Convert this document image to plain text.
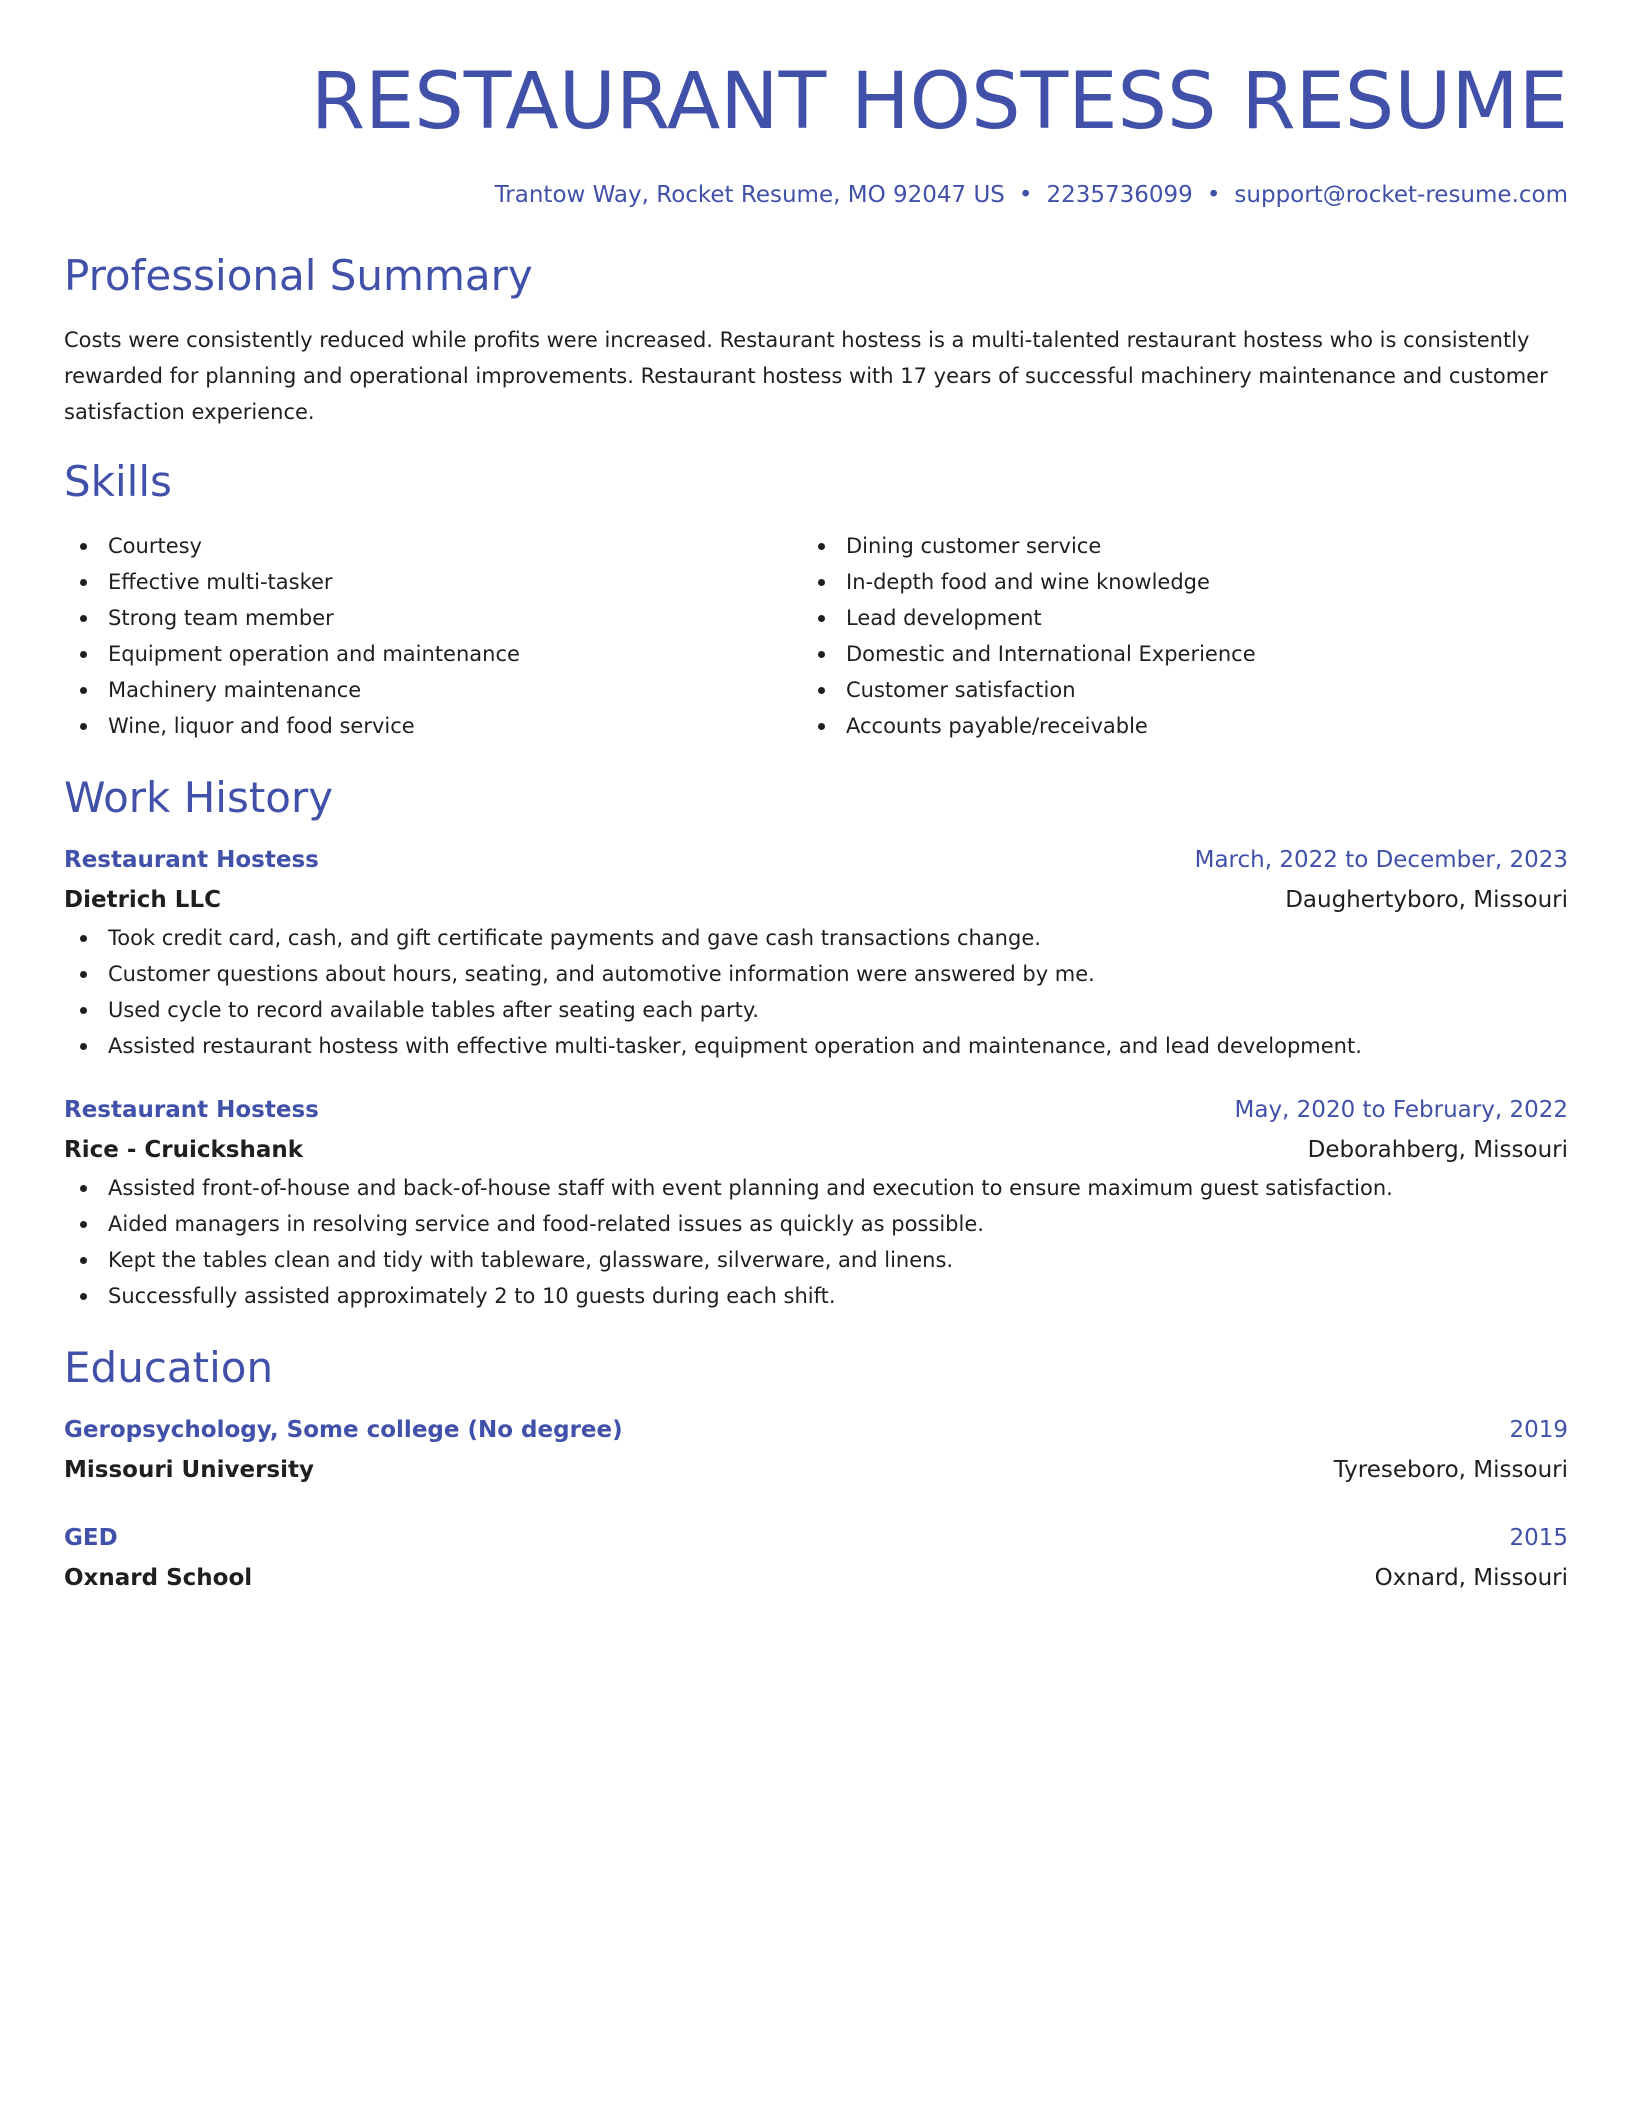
RESTAURANT HOSTESS RESUME
Trantow Way, Rocket Resume, MO 92047 US • 2235736099 • support@rocket-resume.com
Professional Summary

Costs were consistently reduced while profits were increased. Restaurant hostess is a multi-talented restaurant hostess who is consistently rewarded for planning and operational improvements. Restaurant hostess with 17 years of successful machinery maintenance and customer satisfaction experience.

Skills
Courtesy
Effective multi-tasker
Strong team member
Equipment operation and maintenance
Machinery maintenance
Wine, liquor and food service
Dining customer service
In-depth food and wine knowledge
Lead development
Domestic and International Experience
Customer satisfaction
Accounts payable/receivable
Work History
Restaurant Hostess	March, 2022 to December, 2023
Dietrich LLC	Daughertyboro, Missouri
Took credit card, cash, and gift certificate payments and gave cash transactions change.
Customer questions about hours, seating, and automotive information were answered by me.
Used cycle to record available tables after seating each party.
Assisted restaurant hostess with effective multi-tasker, equipment operation and maintenance, and lead development.
Restaurant Hostess	May, 2020 to February, 2022
Rice - Cruickshank	Deborahberg, Missouri
Assisted front-of-house and back-of-house staff with event planning and execution to ensure maximum guest satisfaction.
Aided managers in resolving service and food-related issues as quickly as possible.
Kept the tables clean and tidy with tableware, glassware, silverware, and linens.
Successfully assisted approximately 2 to 10 guests during each shift.
Education
Geropsychology, Some college (No degree)	2019
Missouri University	Tyreseboro, Missouri
GED	2015
Oxnard School	Oxnard, Missouri
